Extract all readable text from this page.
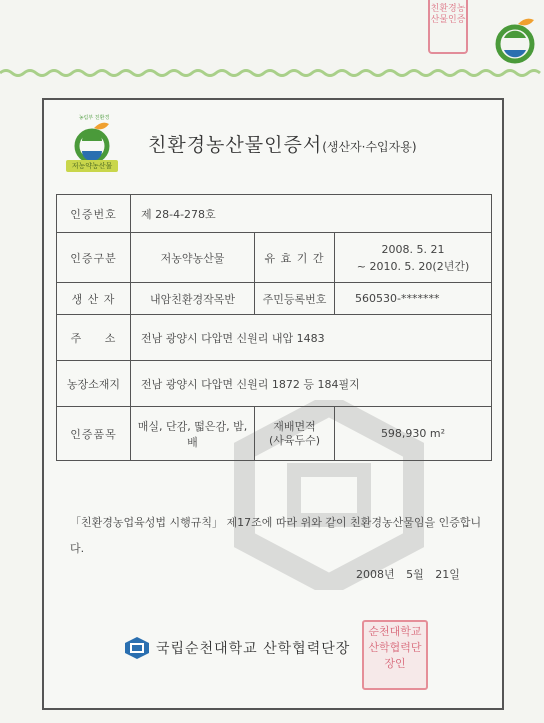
친환경농산물인증
농림부 친환경
저농약농산물
친환경농산물인증서(생산자·수입자용)
인증번호	제 28-4-278호		
인증구분	저농약농산물	유 효 기 간	2008. 5. 21
~ 2010. 5. 20(2년간)

생 산 자	내암친환경작목반	주민등록번호	560530-*******
주 소	전남 광양시 다압면 신원리 내압 1483		
농장소재지	전남 광양시 다압면 신원리 1872 등 184필지		
인증품목	매실, 단감, 떫은감, 밤, 배	재배면적
(사육두수)	598,930 m²
「친환경농업육성법 시행규칙」 제17조에 따라 위와 같이 친환경농산물임을 인증합니다.
2008년 5월 21일
국립순천대학교 산학협력단장
순천대학교산학협력단장인
